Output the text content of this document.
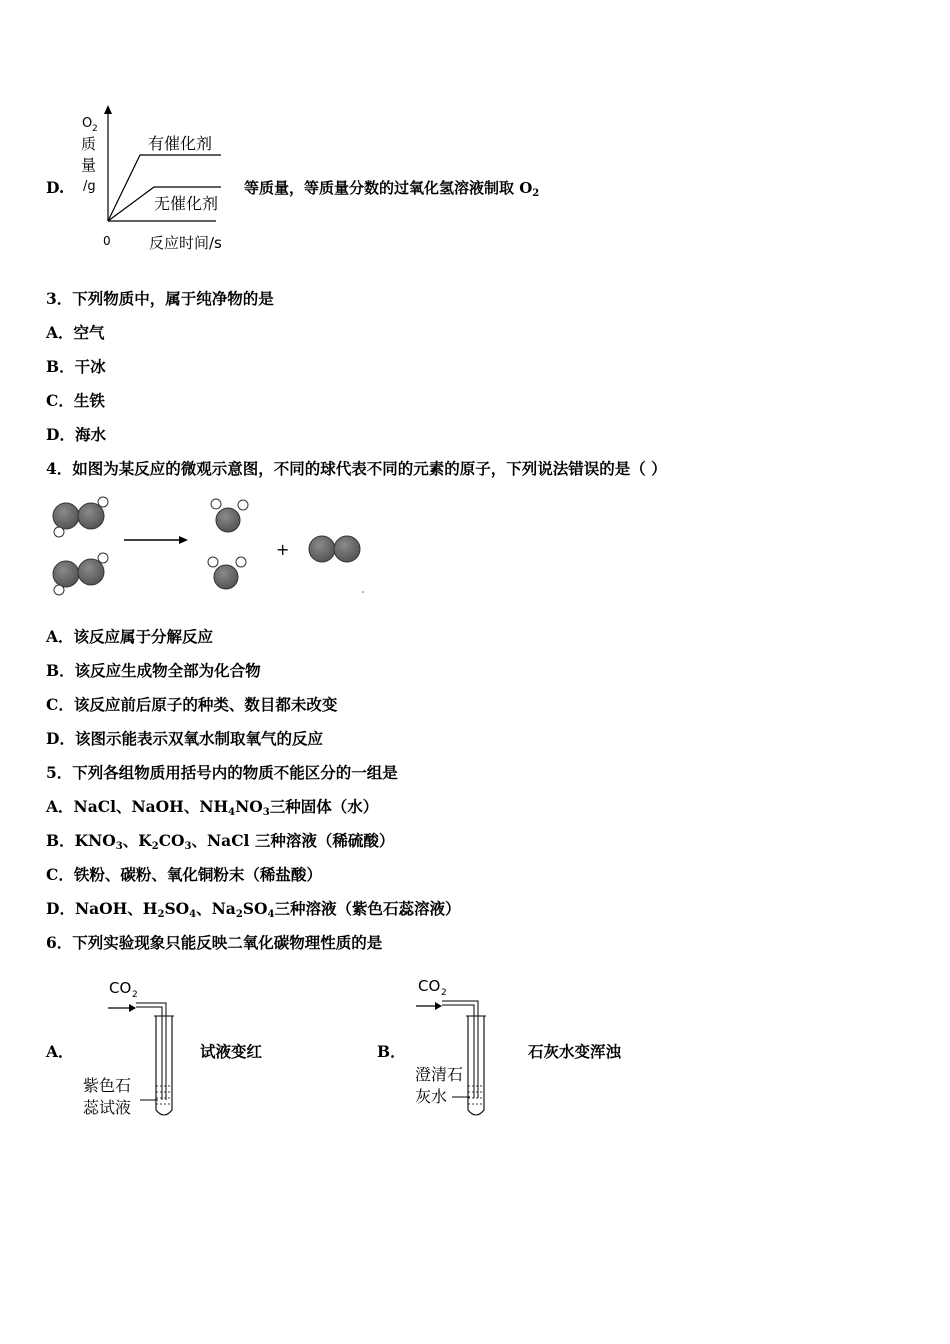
D.
O 2
质
量
/g
有催化剂
无催化剂
0	反应时间/s
等质量，等质量分数的过氧化氢溶液制取 $O_2$
3．下列物质中，属于纯净物的是
A．空气
B．干冰
C．生铁
D．海水
4．如图为某反应的微观示意图，不同的球代表不同的元素的原子，下列说法错误的是（ ）
+
A．该反应属于分解反应
B．该反应生成物全部为化合物
C．该反应前后原子的种类、数目都未改变
D．该图示能表示双氧水制取氧气的反应
5．下列各组物质用括号内的物质不能区分的一组是
A．NaCl、NaOH、$NH_4NO_3$三种固体（水）
B．$KNO_3$、$K_2CO_3$、NaCl 三种溶液（稀硫酸）
C．铁粉、碳粉、氧化铜粉末（稀盐酸）
D．NaOH、$H_2SO_4$、$Na_2SO_4$三种溶液（紫色石蕊溶液）
6．下列实验现象只能反映二氧化碳物理性质的是
A．
CO 2
紫色石
蕊试液
试液变红	B．
CO 2
澄清石
灰水
石灰水变浑浊
